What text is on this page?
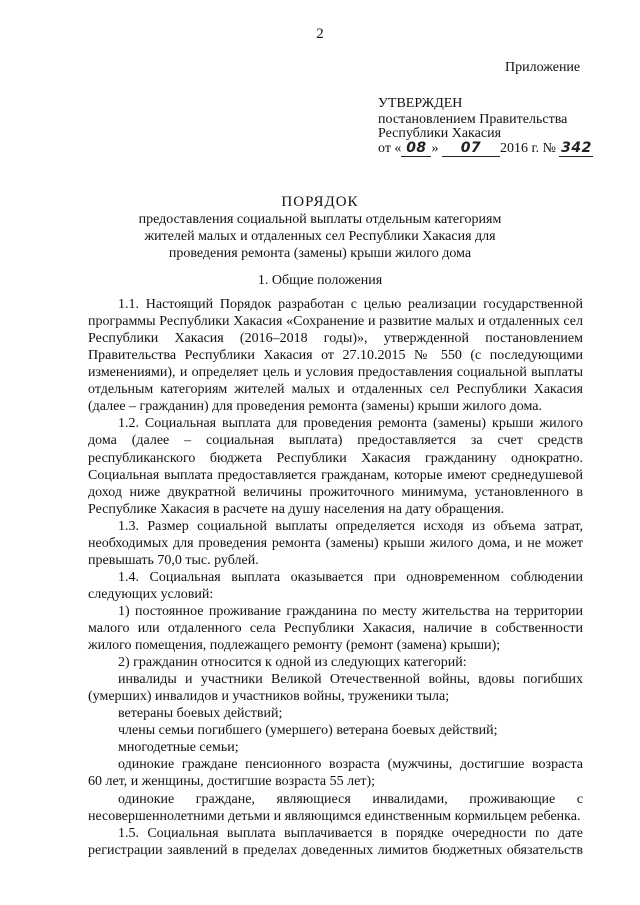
2
Приложение
УТВЕРЖДЕН
постановлением Правительства
Республики Хакасия
от « 08 » 07 2016 г. № 342
ПОРЯДОК
предоставления социальной выплаты отдельным категориям
жителей малых и отдаленных сел Республики Хакасия для
проведения ремонта (замены) крыши жилого дома
1. Общие положения
1.1. Настоящий Порядок разработан с целью реализации государственной
программы Республики Хакасия «Сохранение и развитие малых и отдаленных сел
Республики Хакасия (2016–2018 годы)», утвержденной постановлением
Правительства Республики Хакасия от 27.10.2015 № 550 (с последующими
изменениями), и определяет цель и условия предоставления социальной выплаты
отдельным категориям жителей малых и отдаленных сел Республики Хакасия
(далее – гражданин) для проведения ремонта (замены) крыши жилого дома.
1.2. Социальная выплата для проведения ремонта (замены) крыши жилого
дома (далее – социальная выплата) предоставляется за счет средств
республиканского бюджета Республики Хакасия гражданину однократно.
Социальная выплата предоставляется гражданам, которые имеют среднедушевой
доход ниже двукратной величины прожиточного минимума, установленного в
Республике Хакасия в расчете на душу населения на дату обращения.
1.3. Размер социальной выплаты определяется исходя из объема затрат,
необходимых для проведения ремонта (замены) крыши жилого дома, и не может
превышать 70,0 тыс. рублей.
1.4. Социальная выплата оказывается при одновременном соблюдении
следующих условий:
1) постоянное проживание гражданина по месту жительства на территории
малого или отдаленного села Республики Хакасия, наличие в собственности
жилого помещения, подлежащего ремонту (ремонт (замена) крыши);
2) гражданин относится к одной из следующих категорий:
инвалиды и участники Великой Отечественной войны, вдовы погибших
(умерших) инвалидов и участников войны, труженики тыла;
ветераны боевых действий;
члены семьи погибшего (умершего) ветерана боевых действий;
многодетные семьи;
одинокие граждане пенсионного возраста (мужчины, достигшие возраста
60 лет, и женщины, достигшие возраста 55 лет);
одинокие граждане, являющиеся инвалидами, проживающие с
несовершеннолетними детьми и являющимся единственным кормильцем ребенка.
1.5. Социальная выплата выплачивается в порядке очередности по дате
регистрации заявлений в пределах доведенных лимитов бюджетных обязательств
